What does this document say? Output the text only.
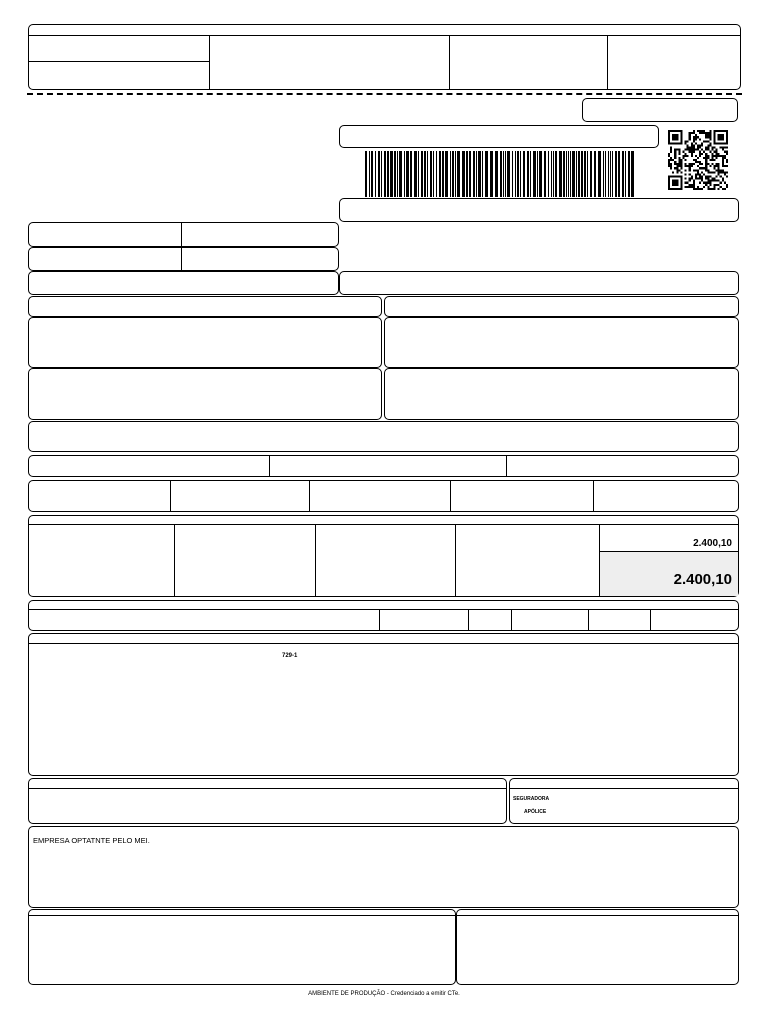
2.400,10
2.400,10
729-1
SEGURADORA
APÓLICE
EMPRESA OPTATNTE PELO MEI.
AMBIENTE DE PRODUÇÃO - Credenciado a emitir CTe.
